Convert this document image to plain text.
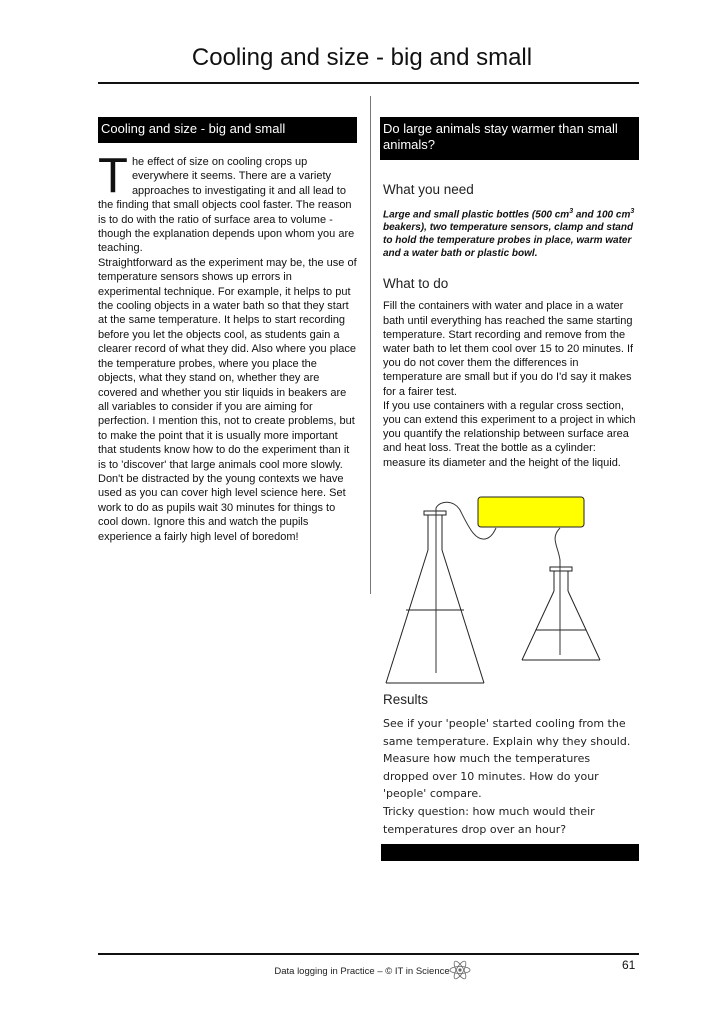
Cooling and size - big and small
Cooling and size - big and small
T he effect of size on cooling crops up everywhere it seems. There are a variety approaches to investigating it and all lead to the finding that small objects cool faster. The reason is to do with the ratio of surface area to volume - though the explanation depends upon whom you are teaching.

Straightforward as the experiment may be, the use of temperature sensors shows up errors in experimental technique. For example, it helps to put the cooling objects in a water bath so that they start at the same temperature. It helps to start recording before you let the objects cool, as students gain a clearer record of what they did. Also where you place the temperature probes, where you place the objects, what they stand on, whether they are covered and whether you stir liquids in beakers are all variables to consider if you are aiming for perfection. I mention this, not to create problems, but to make the point that it is usually more important that students know how to do the experiment than it is to 'discover' that large animals cool more slowly.

Don't be distracted by the young contexts we have used as you can cover high level science here. Set work to do as pupils wait 30 minutes for things to cool down. Ignore this and watch the pupils experience a fairly high level of boredom!

Do large animals stay warmer than small animals?
What you need

Large and small plastic bottles (500 $cm^3$ and 100 $cm^3$ beakers), two temperature sensors, clamp and stand to hold the temperature probes in place, warm water and a water bath or plastic bowl.

What to do

Fill the containers with water and place in a water bath until everything has reached the same starting temperature. Start recording and remove from the water bath to let them cool over 15 to 20 minutes. If you do not cover them the differences in temperature are small but if you do I'd say it makes for a fairer test.

If you use containers with a regular cross section, you can extend this experiment to a project in which you quantify the relationship between surface area and heat loss. Treat the bottle as a cylinder: measure its diameter and the height of the liquid.

Results

See if your 'people' started cooling from the same temperature. Explain why they should. Measure how much the temperatures dropped over 10 minutes. How do your 'people' compare.

Tricky question: how much would their temperatures drop over an hour?

61
Data logging in Practice – © IT in Science
